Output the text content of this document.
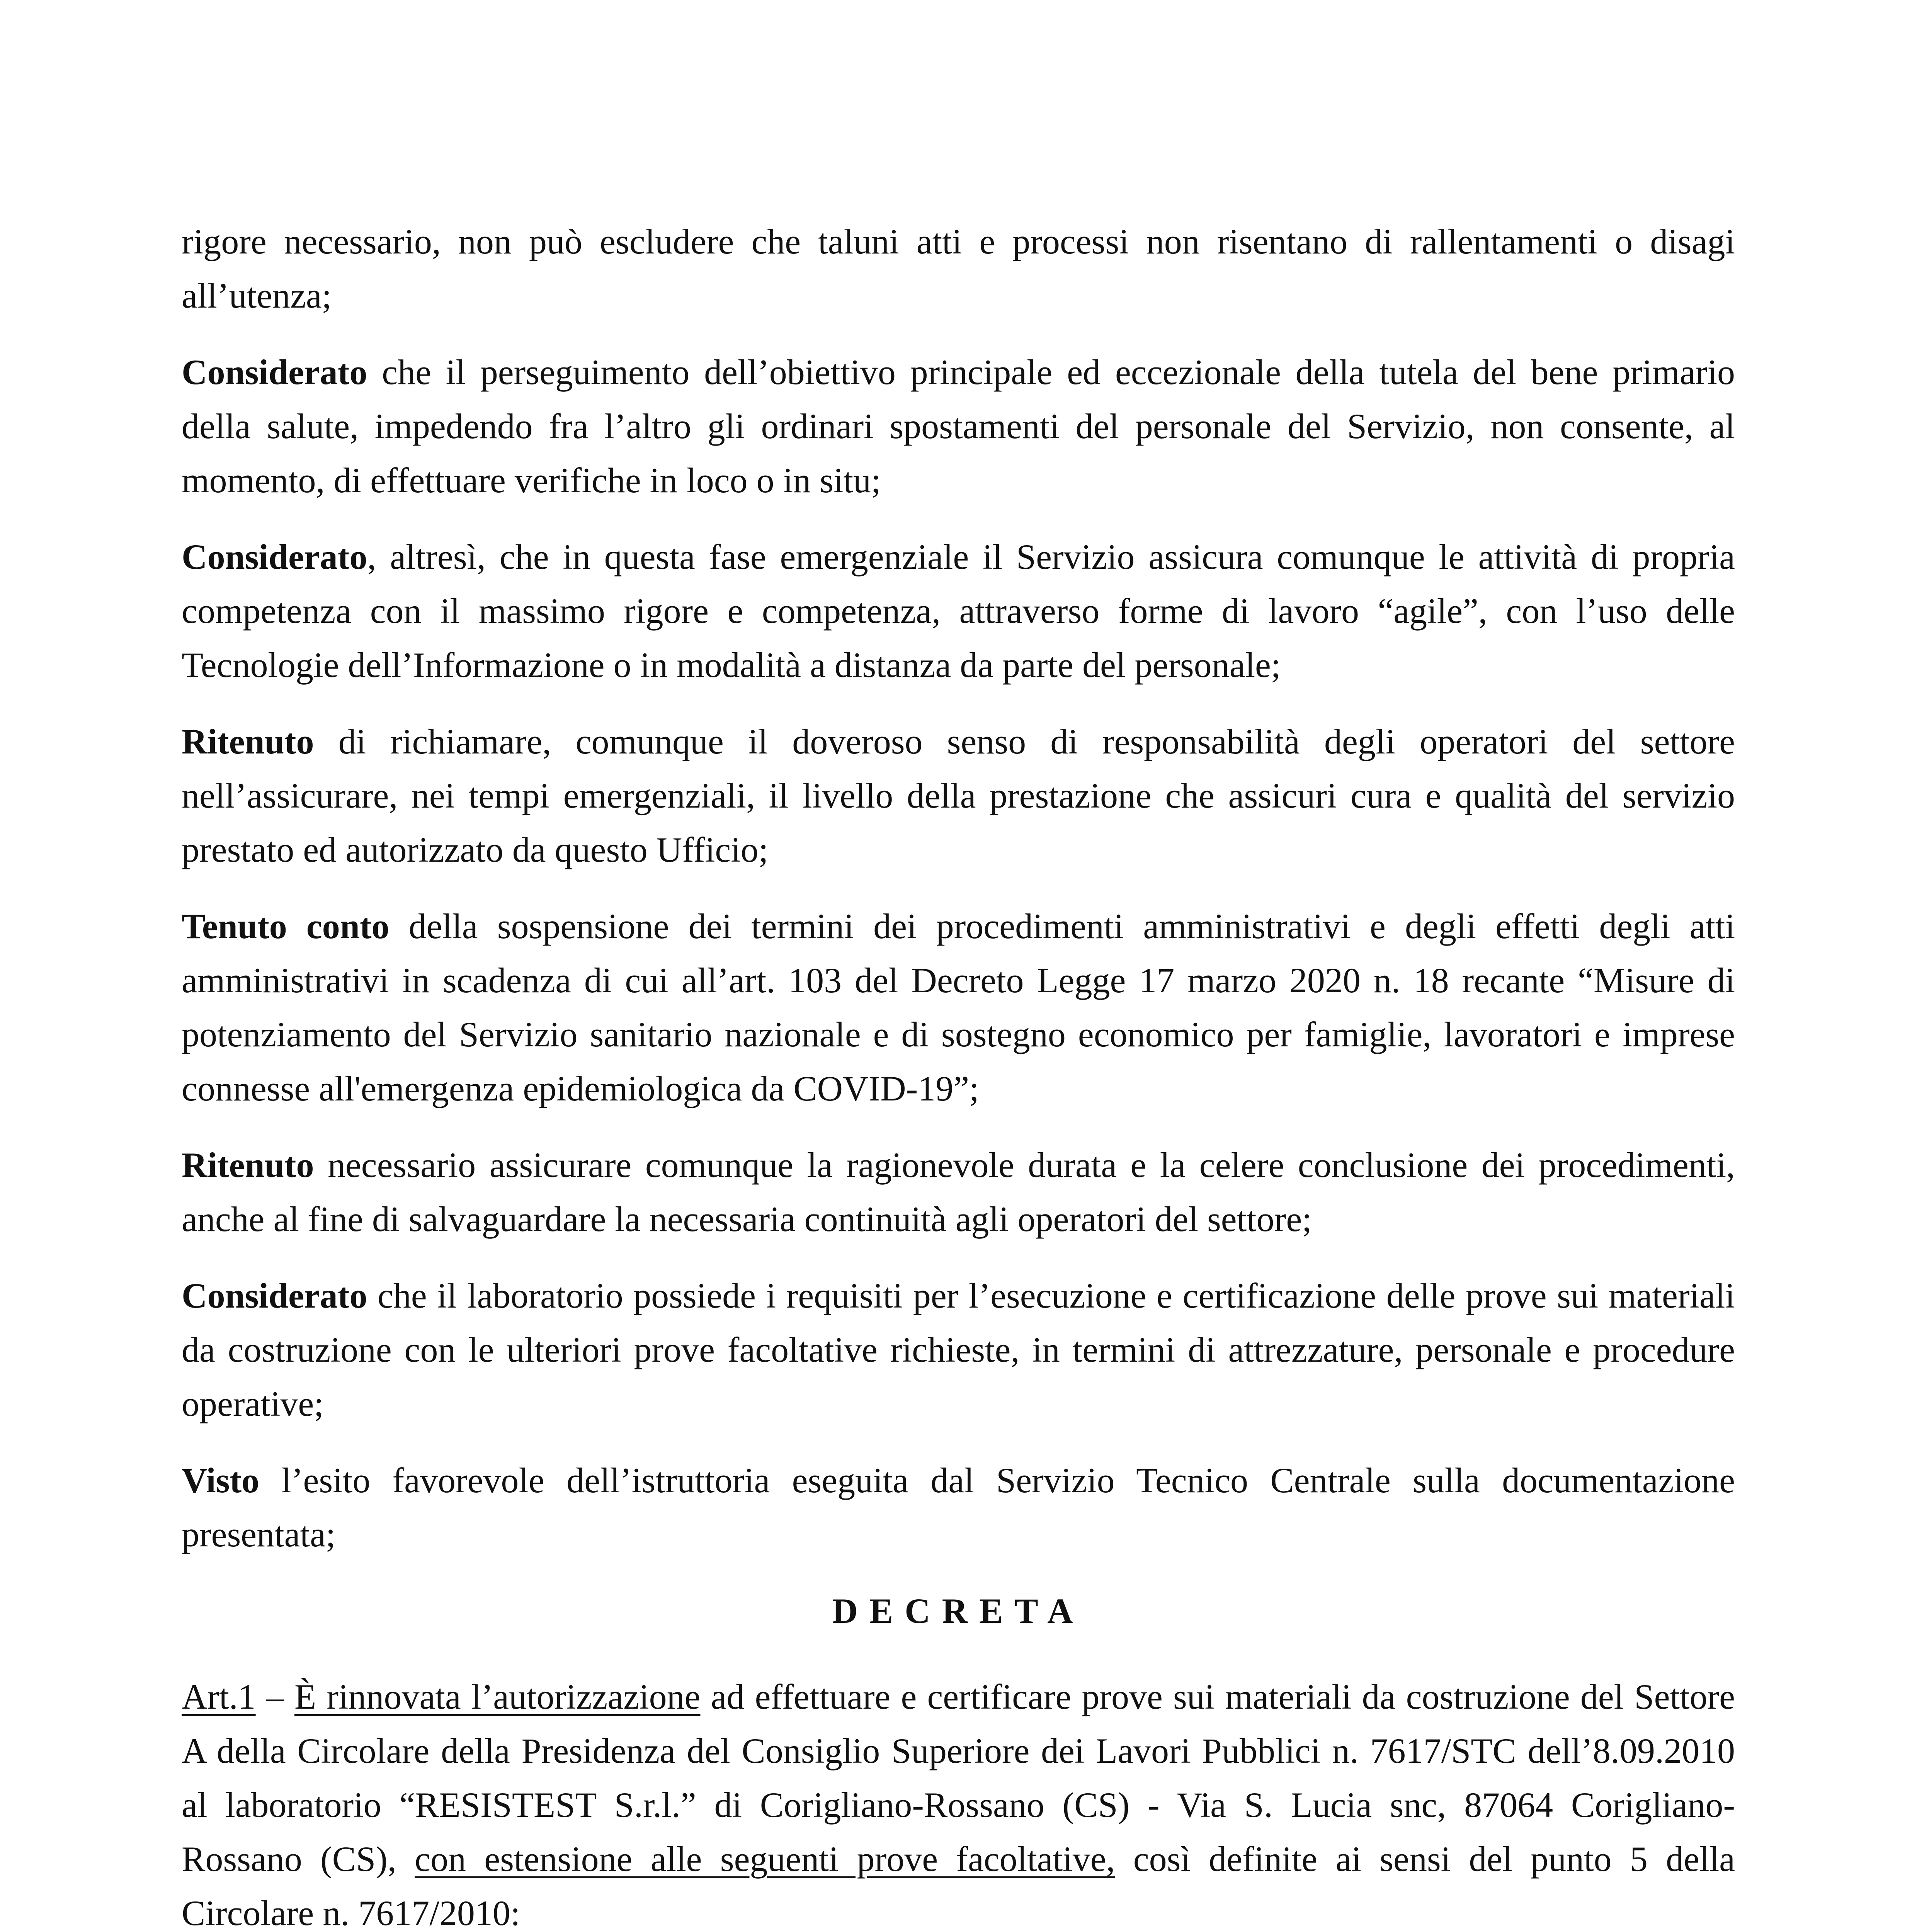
rigore necessario, non può escludere che taluni atti e processi non risentano di rallentamenti o disagi all’utenza;

Considerato che il perseguimento dell’obiettivo principale ed eccezionale della tutela del bene primario della salute, impedendo fra l’altro gli ordinari spostamenti del personale del Servizio, non consente, al momento, di effettuare verifiche in loco o in situ;

Considerato, altresì, che in questa fase emergenziale il Servizio assicura comunque le attività di propria competenza con il massimo rigore e competenza, attraverso forme di lavoro “agile”, con l’uso delle Tecnologie dell’Informazione o in modalità a distanza da parte del personale;

Ritenuto di richiamare, comunque il doveroso senso di responsabilità degli operatori del settore nell’assicurare, nei tempi emergenziali, il livello della prestazione che assicuri cura e qualità del servizio prestato ed autorizzato da questo Ufficio;

Tenuto conto della sospensione dei termini dei procedimenti amministrativi e degli effetti degli atti amministrativi in scadenza di cui all’art. 103 del Decreto Legge 17 marzo 2020 n. 18 recante “Misure di potenziamento del Servizio sanitario nazionale e di sostegno economico per famiglie, lavoratori e imprese connesse all'emergenza epidemiologica da COVID-19”;

Ritenuto necessario assicurare comunque la ragionevole durata e la celere conclusione dei procedimenti, anche al fine di salvaguardare la necessaria continuità agli operatori del settore;

Considerato che il laboratorio possiede i requisiti per l’esecuzione e certificazione delle prove sui materiali da costruzione con le ulteriori prove facoltative richieste, in termini di attrezzature, personale e procedure operative;

Visto l’esito favorevole dell’istruttoria eseguita dal Servizio Tecnico Centrale sulla documentazione presentata;

DECRETA

Art.1 – È rinnovata l’autorizzazione ad effettuare e certificare prove sui materiali da costruzione del Settore A della Circolare della Presidenza del Consiglio Superiore dei Lavori Pubblici n. 7617/STC dell’8.09.2010 al laboratorio “RESISTEST S.r.l.” di Corigliano-Rossano (CS) - Via S. Lucia snc, 87064 Corigliano-Rossano (CS), con estensione alle seguenti prove facoltative, così definite ai sensi del punto 5 della Circolare n. 7617/2010:
